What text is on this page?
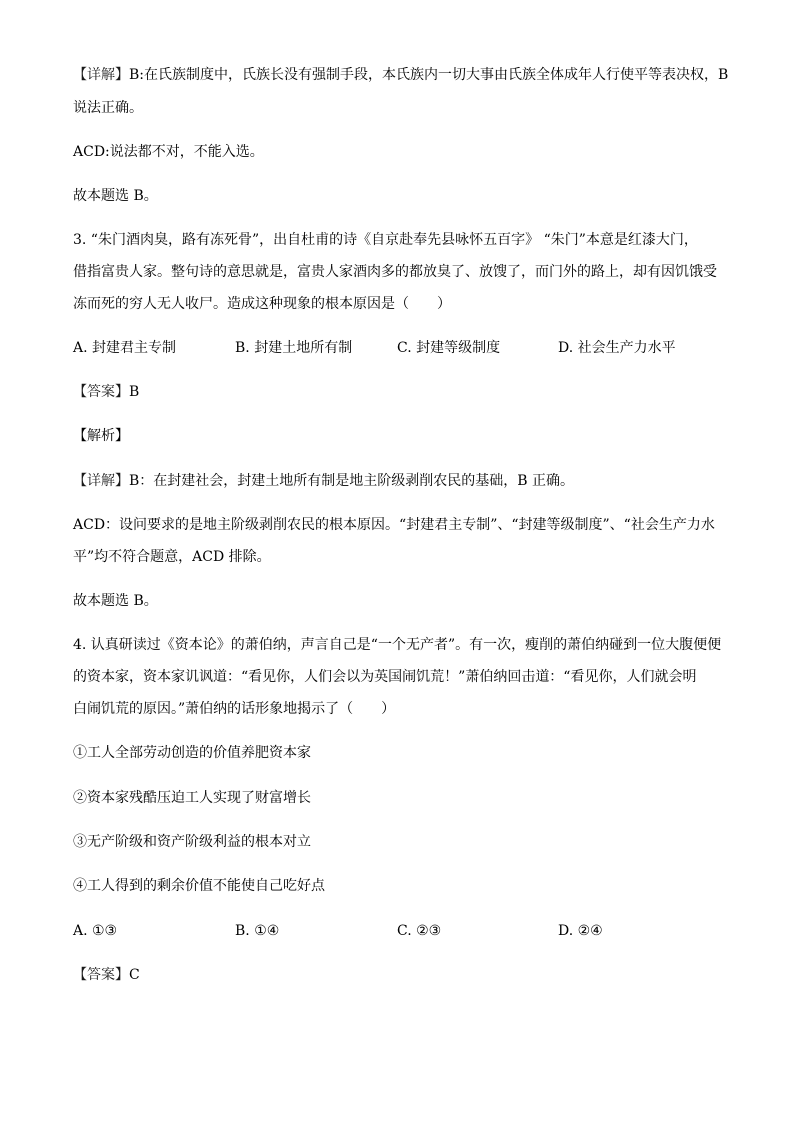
【详解】B:在氏族制度中，氏族长没有强制手段，本氏族内一切大事由氏族全体成年人行使平等表决权，B
说法正确。
ACD:说法都不对，不能入选。
故本题选 B。
3. “朱门酒肉臭，路有冻死骨”，出自杜甫的诗《自京赴奉先县咏怀五百字》 “朱门”本意是红漆大门，
借指富贵人家。整句诗的意思就是，富贵人家酒肉多的都放臭了、放馊了，而门外的路上，却有因饥饿受
冻而死的穷人无人收尸。造成这种现象的根本原因是（　　）
A. 封建君主专制	B. 封建土地所有制	C. 封建等级制度	D. 社会生产力水平
【答案】B
【解析】
【详解】B：在封建社会，封建土地所有制是地主阶级剥削农民的基础，B 正确。
ACD：设问要求的是地主阶级剥削农民的根本原因。“封建君主专制”、“封建等级制度”、“社会生产力水
平”均不符合题意，ACD 排除。
故本题选 B。
4. 认真研读过《资本论》的萧伯纳，声言自己是“一个无产者”。有一次，瘦削的萧伯纳碰到一位大腹便便
的资本家，资本家讥讽道：“看见你，人们会以为英国闹饥荒！”萧伯纳回击道：“看见你，人们就会明
白闹饥荒的原因。”萧伯纳的话形象地揭示了（　　）
①工人全部劳动创造的价值养肥资本家
②资本家残酷压迫工人实现了财富增长
③无产阶级和资产阶级利益的根本对立
④工人得到的剩余价值不能使自己吃好点
A. ①③	B. ①④	C. ②③	D. ②④
【答案】C
